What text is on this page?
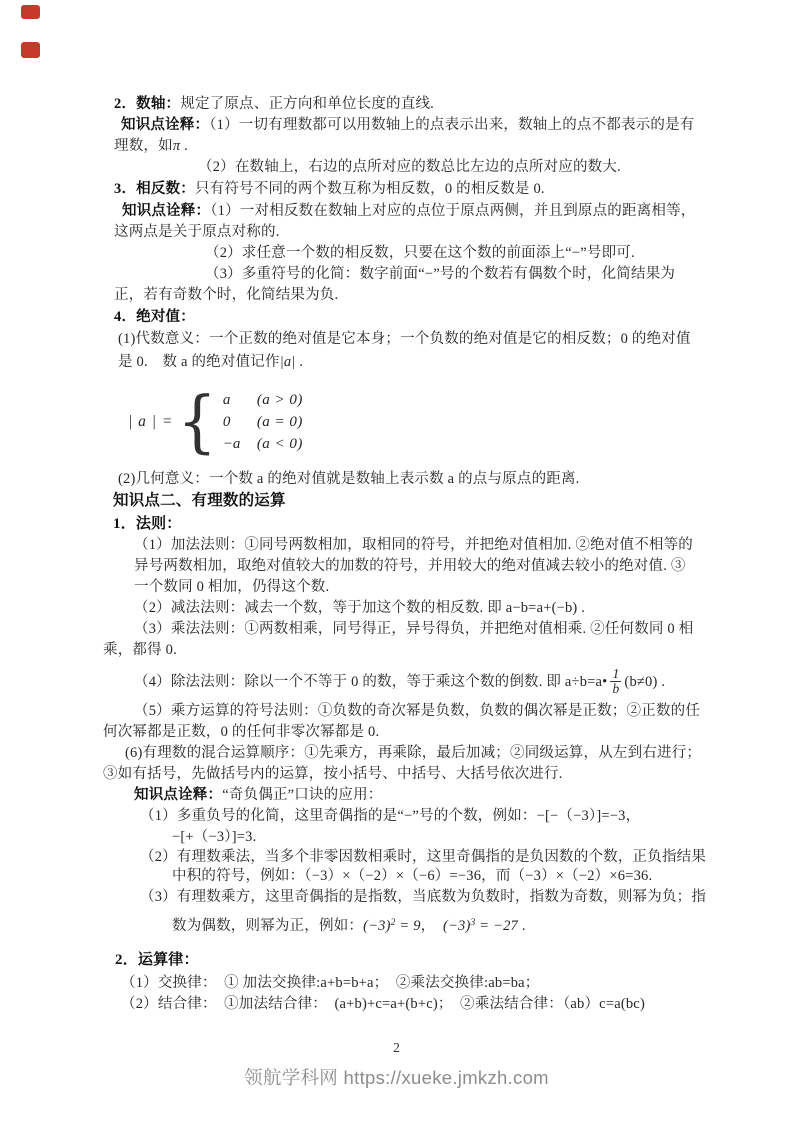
2．数轴：规定了原点、正方向和单位长度的直线.
知识点诠释：（1）一切有理数都可以用数轴上的点表示出来，数轴上的点不都表示的是有
理数，如π .
（2）在数轴上，右边的点所对应的数总比左边的点所对应的数大.
3．相反数：只有符号不同的两个数互称为相反数，0 的相反数是 0.
知识点诠释：（1）一对相反数在数轴上对应的点位于原点两侧，并且到原点的距离相等，
这两点是关于原点对称的.
（2）求任意一个数的相反数，只要在这个数的前面添上“−”号即可.
（3）多重符号的化简：数字前面“−”号的个数若有偶数个时，化简结果为
正，若有奇数个时，化简结果为负.
4．绝对值：
(1)代数意义：一个正数的绝对值是它本身；一个负数的绝对值是它的相反数；0 的绝对值
是 0.　数 a 的绝对值记作|a| .
(2)几何意义：一个数 a 的绝对值就是数轴上表示数 a 的点与原点的距离.
知识点二、有理数的运算
1．法则：
（1）加法法则：①同号两数相加，取相同的符号，并把绝对值相加. ②绝对值不相等的
异号两数相加，取绝对值较大的加数的符号，并用较大的绝对值减去较小的绝对值. ③
一个数同 0 相加，仍得这个数.
（2）减法法则：减去一个数，等于加这个数的相反数. 即 a−b=a+(−b) .
（3）乘法法则：①两数相乘，同号得正，异号得负，并把绝对值相乘. ②任何数同 0 相
乘，都得 0.
（4）除法法则：除以一个不等于 0 的数，等于乘这个数的倒数. 即 a÷b=a• $\frac{1}{b} (b\ne 0)$ .
（5）乘方运算的符号法则：①负数的奇次幂是负数，负数的偶次幂是正数；②正数的任
何次幂都是正数，0 的任何非零次幂都是 0.
(6)有理数的混合运算顺序：①先乘方，再乘除，最后加减；②同级运算，从左到右进行；
③如有括号，先做括号内的运算，按小括号、中括号、大括号依次进行.
知识点诠释：“奇负偶正”口诀的应用：
（1）多重负号的化简，这里奇偶指的是“−”号的个数，例如：−[−（−3）]=−3，
−[+（−3）]=3.
（2）有理数乘法，当多个非零因数相乘时，这里奇偶指的是负因数的个数，正负指结果
中积的符号，例如：（−3）×（−2）×（−6）=−36，而（−3）×（−2）×6=36.
（3）有理数乘方，这里奇偶指的是指数，当底数为负数时，指数为奇数，则幂为负；指
数为偶数，则幂为正，例如：$(-3)^2 = 9$，  $(-3)^3 = -27$ .
2．运算律：
（1）交换律：　① 加法交换律:a+b=b+a；　②乘法交换律:ab=ba；
（2）结合律：　①加法结合律：　(a+b)+c=a+(b+c)；　②乘法结合律：（ab）c=a(bc)
| a | = { a	(a > 0)
0	(a = 0)
−a	(a < 0)
2
领航学科网 https://xueke.jmkzh.com
